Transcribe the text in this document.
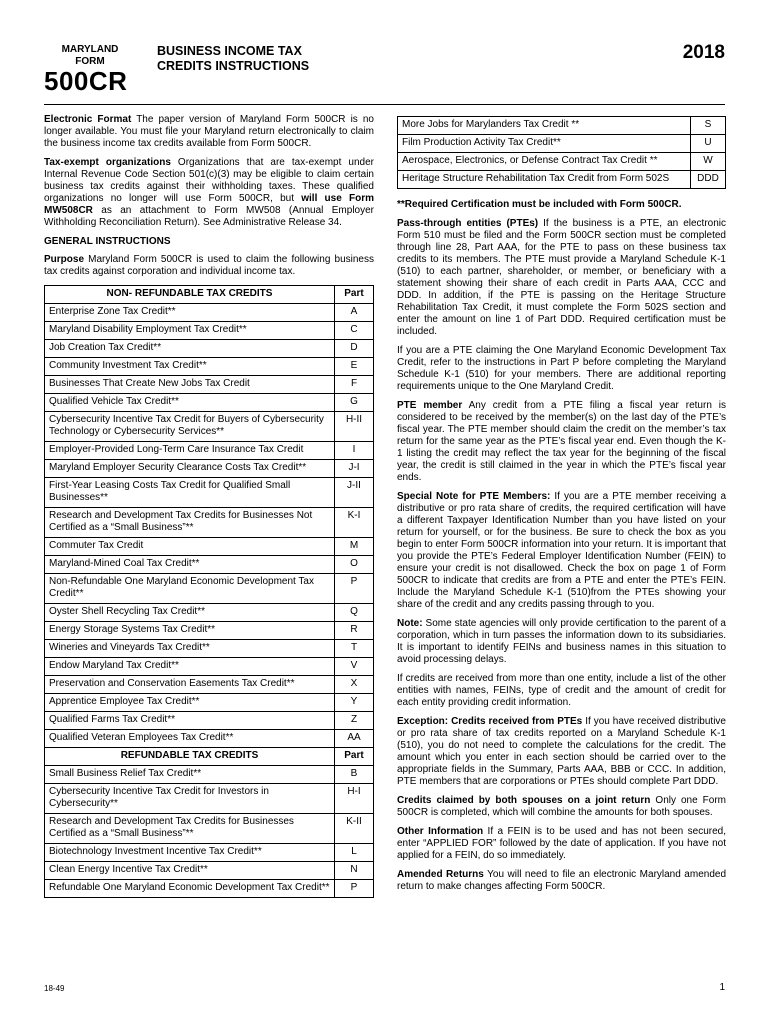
MARYLAND
FORM
500CR
BUSINESS INCOME TAX
CREDITS INSTRUCTIONS
2018

Electronic Format The paper version of Maryland Form 500CR is no longer available. You must file your Maryland return electronically to claim the business income tax credits available from Form 500CR.

Tax-exempt organizations Organizations that are tax-exempt under Internal Revenue Code Section 501(c)(3) may be eligible to claim certain business tax credits against their withholding taxes. These qualified organizations no longer will use Form 500CR, but will use Form MW508CR as an attachment to Form MW508 (Annual Employer Withholding Reconciliation Return). See Administrative Release 34.

GENERAL INSTRUCTIONS

Purpose Maryland Form 500CR is used to claim the following business tax credits against corporation and individual income tax.

NON- REFUNDABLE TAX CREDITS	Part
Enterprise Zone Tax Credit**	A
Maryland Disability Employment Tax Credit**	C
Job Creation Tax Credit**	D
Community Investment Tax Credit**	E
Businesses That Create New Jobs Tax Credit	F
Qualified Vehicle Tax Credit**	G
Cybersecurity Incentive Tax Credit for Buyers of Cybersecurity Technology or Cybersecurity Services**	H-II
Employer-Provided Long-Term Care Insurance Tax Credit	I
Maryland Employer Security Clearance Costs Tax Credit**	J-I
First-Year Leasing Costs Tax Credit for Qualified Small Businesses**	J-II
Research and Development Tax Credits for Businesses Not Certified as a “Small Business”**	K-I
Commuter Tax Credit	M
Maryland-Mined Coal Tax Credit**	O
Non-Refundable One Maryland Economic Development Tax Credit**	P
Oyster Shell Recycling Tax Credit**	Q
Energy Storage Systems Tax Credit**	R
Wineries and Vineyards Tax Credit**	T
Endow Maryland Tax Credit**	V
Preservation and Conservation Easements Tax Credit**	X
Apprentice Employee Tax Credit**	Y
Qualified Farms Tax Credit**	Z
Qualified Veteran Employees Tax Credit**	AA
REFUNDABLE TAX CREDITS	Part
Small Business Relief Tax Credit**	B
Cybersecurity Incentive Tax Credit for Investors in Cybersecurity**	H-I
Research and Development Tax Credits for Businesses Certified as a “Small Business”**	K-II
Biotechnology Investment Incentive Tax Credit**	L
Clean Energy Incentive Tax Credit**	N
Refundable One Maryland Economic Development Tax Credit**	P
More Jobs for Marylanders Tax Credit **	S
Film Production Activity Tax Credit**	U
Aerospace, Electronics, or Defense Contract Tax Credit **	W
Heritage Structure Rehabilitation Tax Credit from Form 502S	DDD

**Required Certification must be included with Form 500CR.

Pass-through entities (PTEs) If the business is a PTE, an electronic Form 510 must be filed and the Form 500CR section must be completed through line 28, Part AAA, for the PTE to pass on these business tax credits to its members. The PTE must provide a Maryland Schedule K-1 (510) to each partner, shareholder, or member, or beneficiary with a statement showing their share of each credit in Parts AAA, CCC and DDD. In addition, if the PTE is passing on the Heritage Structure Rehabilitation Tax Credit, it must complete the Form 502S section and enter the amount on line 1 of Part DDD. Required certification must be included.

If you are a PTE claiming the One Maryland Economic Development Tax Credit, refer to the instructions in Part P before completing the Maryland Schedule K-1 (510) for your members. There are additional reporting requirements unique to the One Maryland Credit.

PTE member Any credit from a PTE filing a fiscal year return is considered to be received by the member(s) on the last day of the PTE’s fiscal year. The PTE member should claim the credit on the member’s tax return for the same year as the PTE’s fiscal year end. Even though the K-1 listing the credit may reflect the tax year for the beginning of the fiscal year, the credit is still claimed in the year in which the PTE’s fiscal year ends.

Special Note for PTE Members: If you are a PTE member receiving a distributive or pro rata share of credits, the required certification will have a different Taxpayer Identification Number than you have listed on your return for yourself, or for the business. Be sure to check the box as you begin to enter Form 500CR information into your return. It is important that you provide the PTE’s Federal Employer Identification Number (FEIN) to ensure your credit is not disallowed. Check the box on page 1 of Form 500CR to indicate that credits are from a PTE and enter the PTE’s FEIN. Include the Maryland Schedule K-1 (510)from the PTEs showing your share of the credit and any credits passing through to you.

Note: Some state agencies will only provide certification to the parent of a corporation, which in turn passes the information down to its subsidiaries. It is important to identify FEINs and business names in this situation to avoid processing delays.

If credits are received from more than one entity, include a list of the other entities with names, FEINs, type of credit and the amount of credit for each entity providing credit information.

Exception: Credits received from PTEs If you have received distributive or pro rata share of tax credits reported on a Maryland Schedule K-1 (510), you do not need to complete the calculations for the credit. The amount which you enter in each section should be carried over to the appropriate fields in the Summary, Parts AAA, BBB or CCC. In addition, PTE members that are corporations or PTEs should complete Part DDD.

Credits claimed by both spouses on a joint return Only one Form 500CR is completed, which will combine the amounts for both spouses.

Other Information If a FEIN is to be used and has not been secured, enter “APPLIED FOR” followed by the date of application. If you have not applied for a FEIN, do so immediately.

Amended Returns You will need to file an electronic Maryland amended return to make changes affecting Form 500CR.

18-49	1
